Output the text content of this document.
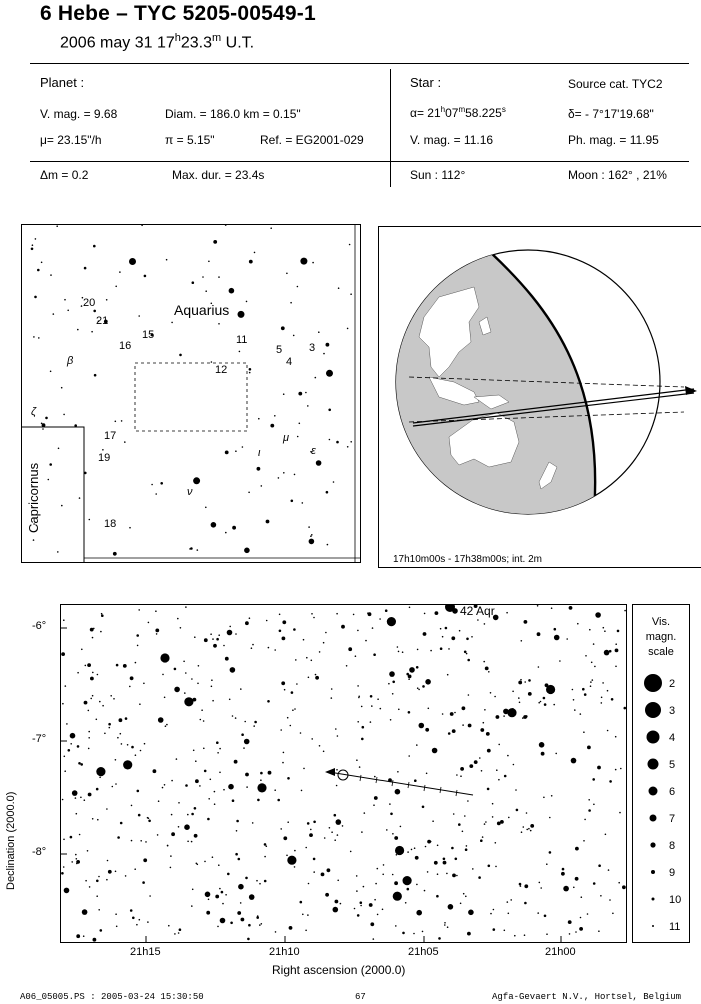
6 Hebe – TYC 5205-00549-1
2006 may 31 17$^h$23.3$^m$ U.T.
Planet :
V. mag. = 9.68	Diam. = 186.0 km = 0.15"
μ= 23.15"/h	π = 5.15"	Ref. = EG2001-029
Δm = 0.2	Max. dur. = 23.4s
Star :	Source cat. TYC2
$\alpha= 21^h07^m58.225^s$	δ= - 7°17'19.68"
V. mag. = 11.16	Ph. mag. = 11.95
Sun : 112°	Moon : 162° , 21%
Aquarius
Capricornus
20
21
16
15	11
12
5
4
3
β
ζ
17
19
μ
ε
ι
ν
18
17h10m00s - 17h38m00s; int. 2m
42 Aqr
-6°
-7°
-8°
21h15	21h10	21h05	21h00
Right ascension (2000.0)
Declination (2000.0)
Vis.
magn.
scale
2
3
4
5
6
7
8
9
10
11
A06_05005.PS : 2005-03-24 15:30:50	67	Agfa-Gevaert N.V., Hortsel, Belgium
